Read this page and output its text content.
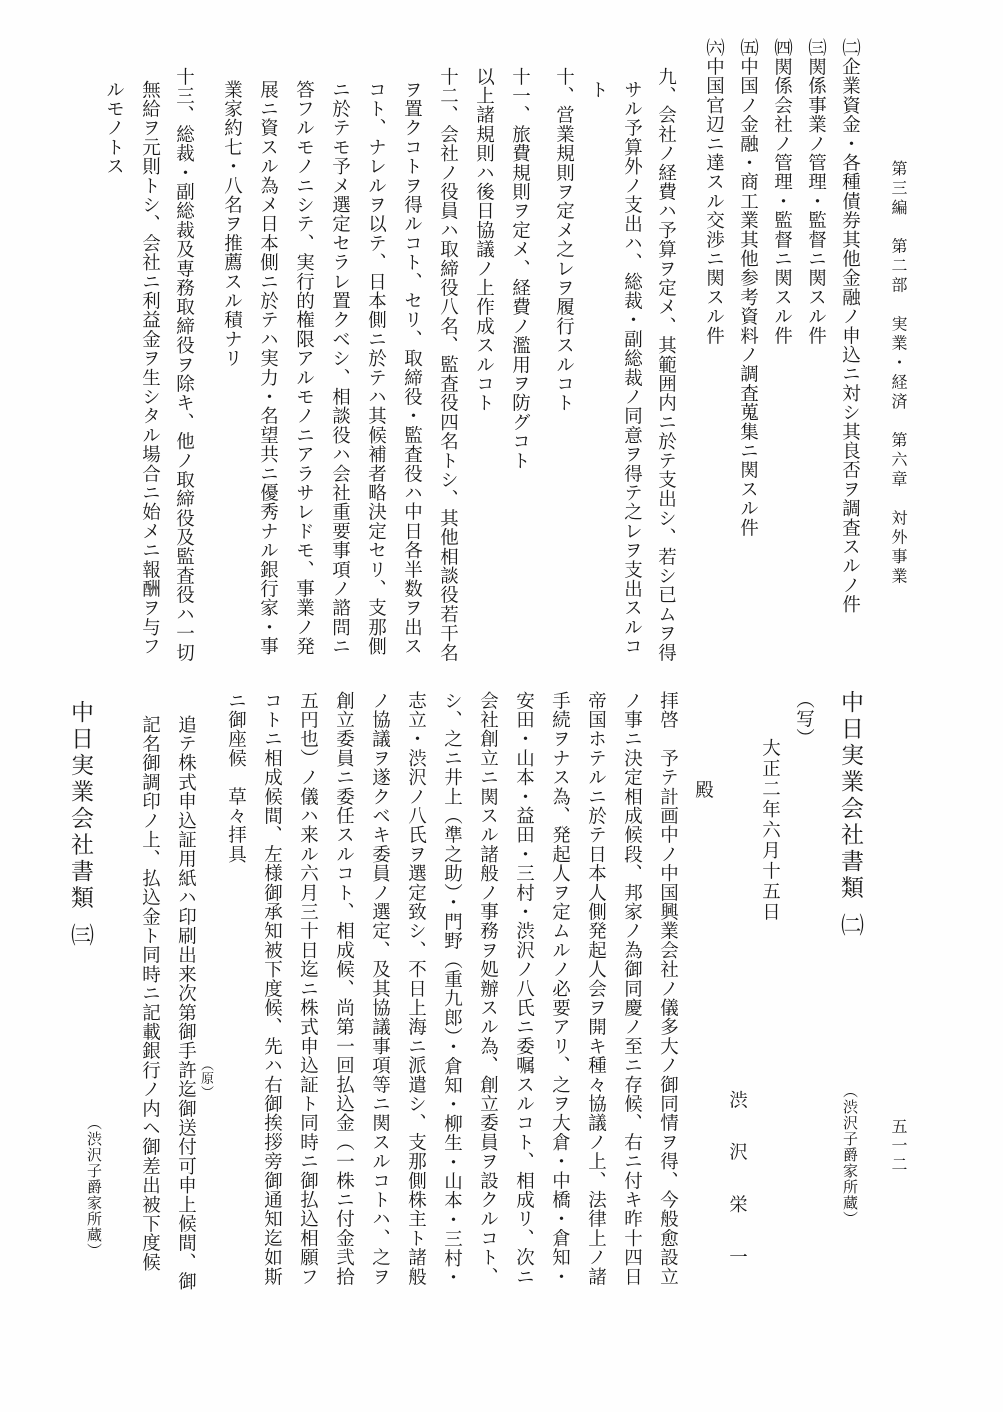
第三編　第二部　実業・経済　第六章　対外事業
五一二
㈡企業資金・各種債券其他金融ノ申込ニ対シ其良否ヲ調査スルノ件
㈢関係事業ノ管理・監督ニ関スル件
㈣関係会社ノ管理・監督ニ関スル件
㈤中国ノ金融・商工業其他参考資料ノ調査蒐集ニ関スル件
㈥中国官辺ニ達スル交渉ニ関スル件
九、会社ノ経費ハ予算ヲ定メ、其範囲内ニ於テ支出シ、若シ已ムヲ得
サル予算外ノ支出ハ、総裁・副総裁ノ同意ヲ得テ之レヲ支出スルコ
ト
十、営業規則ヲ定メ之レヲ履行スルコト
十一、旅費規則ヲ定メ、経費ノ濫用ヲ防グコト
以上諸規則ハ後日協議ノ上作成スルコト
十二、会社ノ役員ハ取締役八名、監査役四名トシ、其他相談役若干名
ヲ置クコトヲ得ルコト、セリ、取締役・監査役ハ中日各半数ヲ出ス
コト、ナレルヲ以テ、日本側ニ於テハ其候補者略決定セリ、支那側
ニ於テモ予メ選定セラレ置クベシ、相談役ハ会社重要事項ノ諮問ニ
答フルモノニシテ、実行的権限アルモノニアラサレドモ、事業ノ発
展ニ資スル為メ日本側ニ於テハ実力・名望共ニ優秀ナル銀行家・事
業家約七・八名ヲ推薦スル積ナリ
十三、総裁・副総裁及専務取締役ヲ除キ、他ノ取締役及監査役ハ一切
（原）
無給ヲ元則トシ、会社ニ利益金ヲ生シタル場合ニ始メニ報酬ヲ与フ
ルモノトス
（渋沢子爵家所蔵）
中日実業会社書類 ㈡
（写）
大正二年六月十五日
渋 沢 栄 一
殿
拝啓　予テ計画中ノ中国興業会社ノ儀多大ノ御同情ヲ得、今般愈設立
ノ事ニ決定相成候段、邦家ノ為御同慶ノ至ニ存候、右ニ付キ昨十四日
帝国ホテルニ於テ日本人側発起人会ヲ開キ種々協議ノ上、法律上ノ諸
手続ヲナス為、発起人ヲ定ムルノ必要アリ、之ヲ大倉・中橋・倉知・
安田・山本・益田・三村・渋沢ノ八氏ニ委嘱スルコト、相成リ、次ニ
会社創立ニ関スル諸般ノ事務ヲ処辦スル為、創立委員ヲ設クルコト、
シ、之ニ井上（準之助）・門野（重九郎）・倉知・柳生・山本・三村・
志立・渋沢ノ八氏ヲ選定致シ、不日上海ニ派遣シ、支那側株主ト諸般
ノ協議ヲ遂クベキ委員ノ選定、及其協議事項等ニ関スルコトハ、之ヲ
創立委員ニ委任スルコト、相成候、尚第一回払込金（一株ニ付金弐拾
五円也）ノ儀ハ来ル六月三十日迄ニ株式申込証ト同時ニ御払込相願フ
コトニ相成候間、左様御承知被下度候、先ハ右御挨拶旁御通知迄如斯
ニ御座候　草々拝具
追テ株式申込証用紙ハ印刷出来次第御手許迄御送付可申上候間、御
記名御調印ノ上、払込金ト同時ニ記載銀行ノ内ヘ御差出被下度候
（渋沢子爵家所蔵）
中日実業会社書類 ㈢
